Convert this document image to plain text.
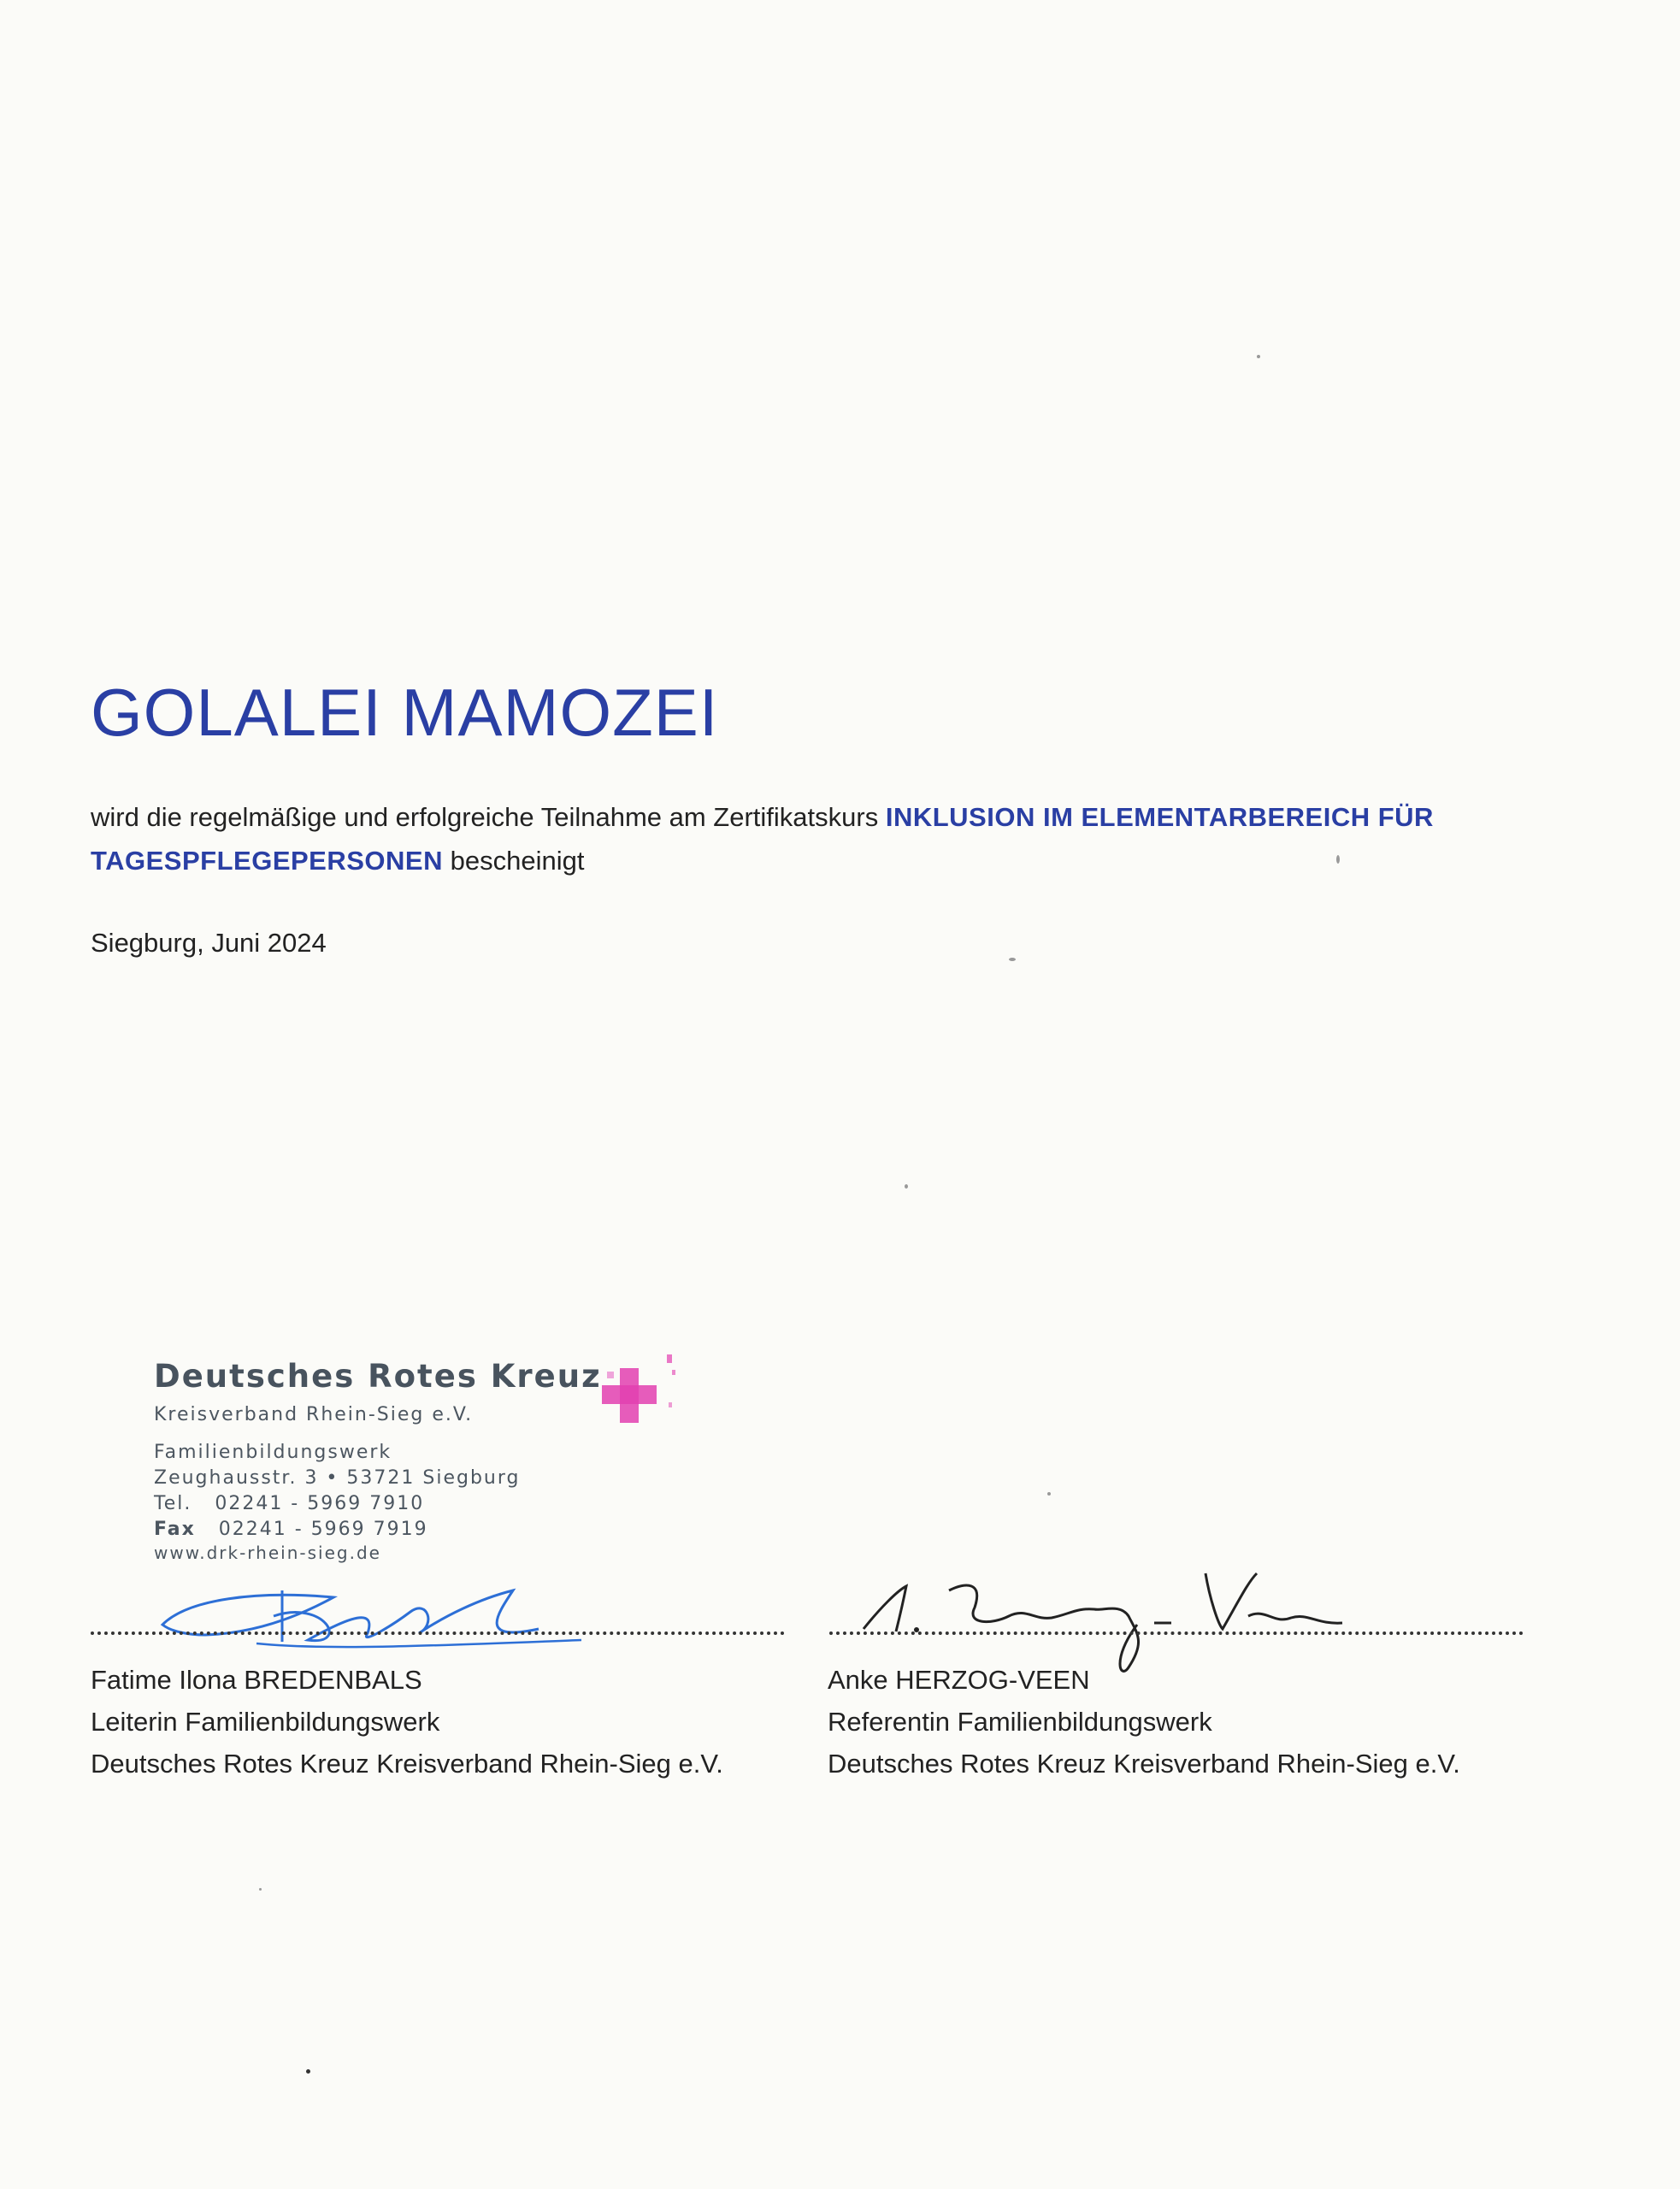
GOLALEI MAMOZEI
wird die regelmäßige und erfolgreiche Teilnahme am Zertifikatskurs INKLUSION IM ELEMENTARBEREICH FÜR
TAGESPFLEGEPERSONEN bescheinigt
Siegburg, Juni 2024
Deutsches Rotes Kreuz
Kreisverband Rhein-Sieg e.V.
Familienbildungswerk
Zeughausstr. 3 • 53721 Siegburg
Tel. 02241 - 5969 7910
Fax 02241 - 5969 7919
www.drk-rhein-sieg.de
Fatime Ilona BREDENBALS
Leiterin Familienbildungswerk
Deutsches Rotes Kreuz Kreisverband Rhein-Sieg e.V.
Anke HERZOG-VEEN
Referentin Familienbildungswerk
Deutsches Rotes Kreuz Kreisverband Rhein-Sieg e.V.
